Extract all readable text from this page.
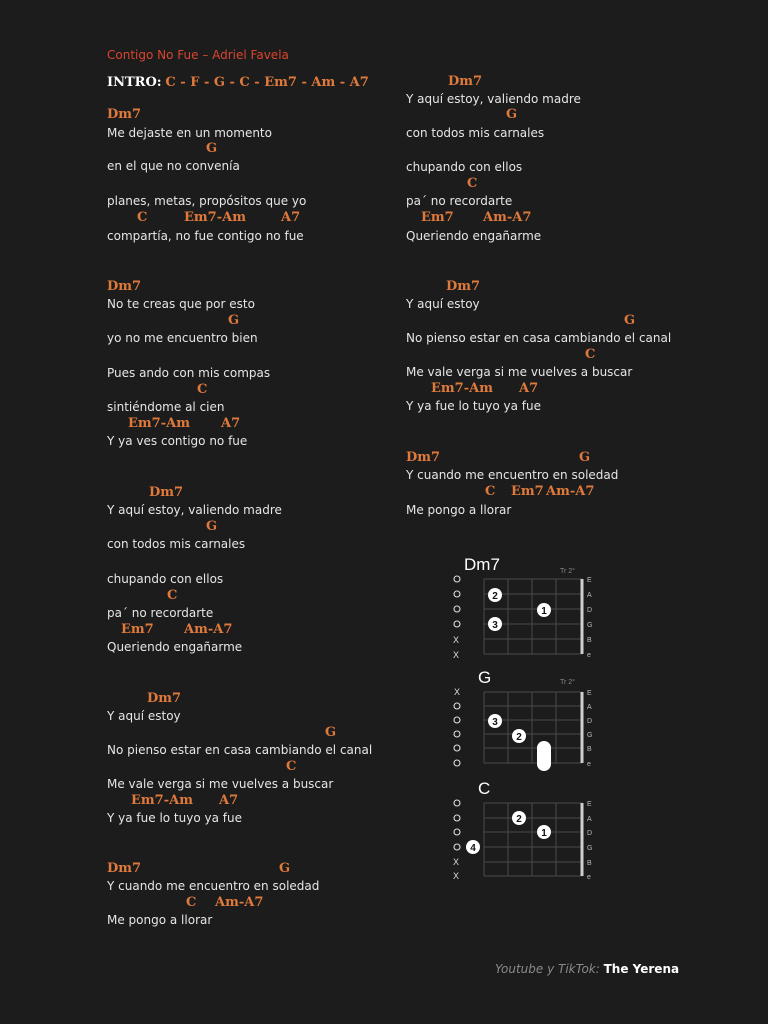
Contigo No Fue – Adriel Favela
INTRO: C - F - G - C - Em7 - Am - A7
Dm7
Me dejaste en un momento
G
en el que no convenía
planes, metas, propósitos que yo
C	Em7-Am	A7
compartía, no fue contigo no fue
Dm7
No te creas que por esto
G
yo no me encuentro bien
Pues ando con mis compas
C
sintiéndome al cien
Em7-Am A7
Y ya ves contigo no fue
Dm7
Y aquí estoy, valiendo madre
G
con todos mis carnales
chupando con ellos
C
pa´ no recordarte
Em7 Am-A7
Queriendo engañarme
Dm7
Y aquí estoy
G
No pienso estar en casa cambiando el canal
C
Me vale verga si me vuelves a buscar
Em7-Am A7
Y ya fue lo tuyo ya fue
Dm7	G
Y cuando me encuentro en soledad
C Am-A7
Me pongo a llorar
Dm7
Y aquí estoy, valiendo madre
G
con todos mis carnales
chupando con ellos
C
pa´ no recordarte
Em7 Am-A7
Queriendo engañarme
Dm7
Y aquí estoy
G
No pienso estar en casa cambiando el canal
C
Me vale verga si me vuelves a buscar
Em7-Am A7
Y ya fue lo tuyo ya fue
Dm7	G
Y cuando me encuentro en soledad
C Em7 Am-A7
Me pongo a llorar
Dm7	Tr 2°
X
X
E
A
D
G
B
e
2
1
3
G	Tr 2°
X	E
A
D
G
B
e
3
2
C
X
X
E
A
D
G
B
e
2
1
4
Youtube y TikTok: The Yerena
